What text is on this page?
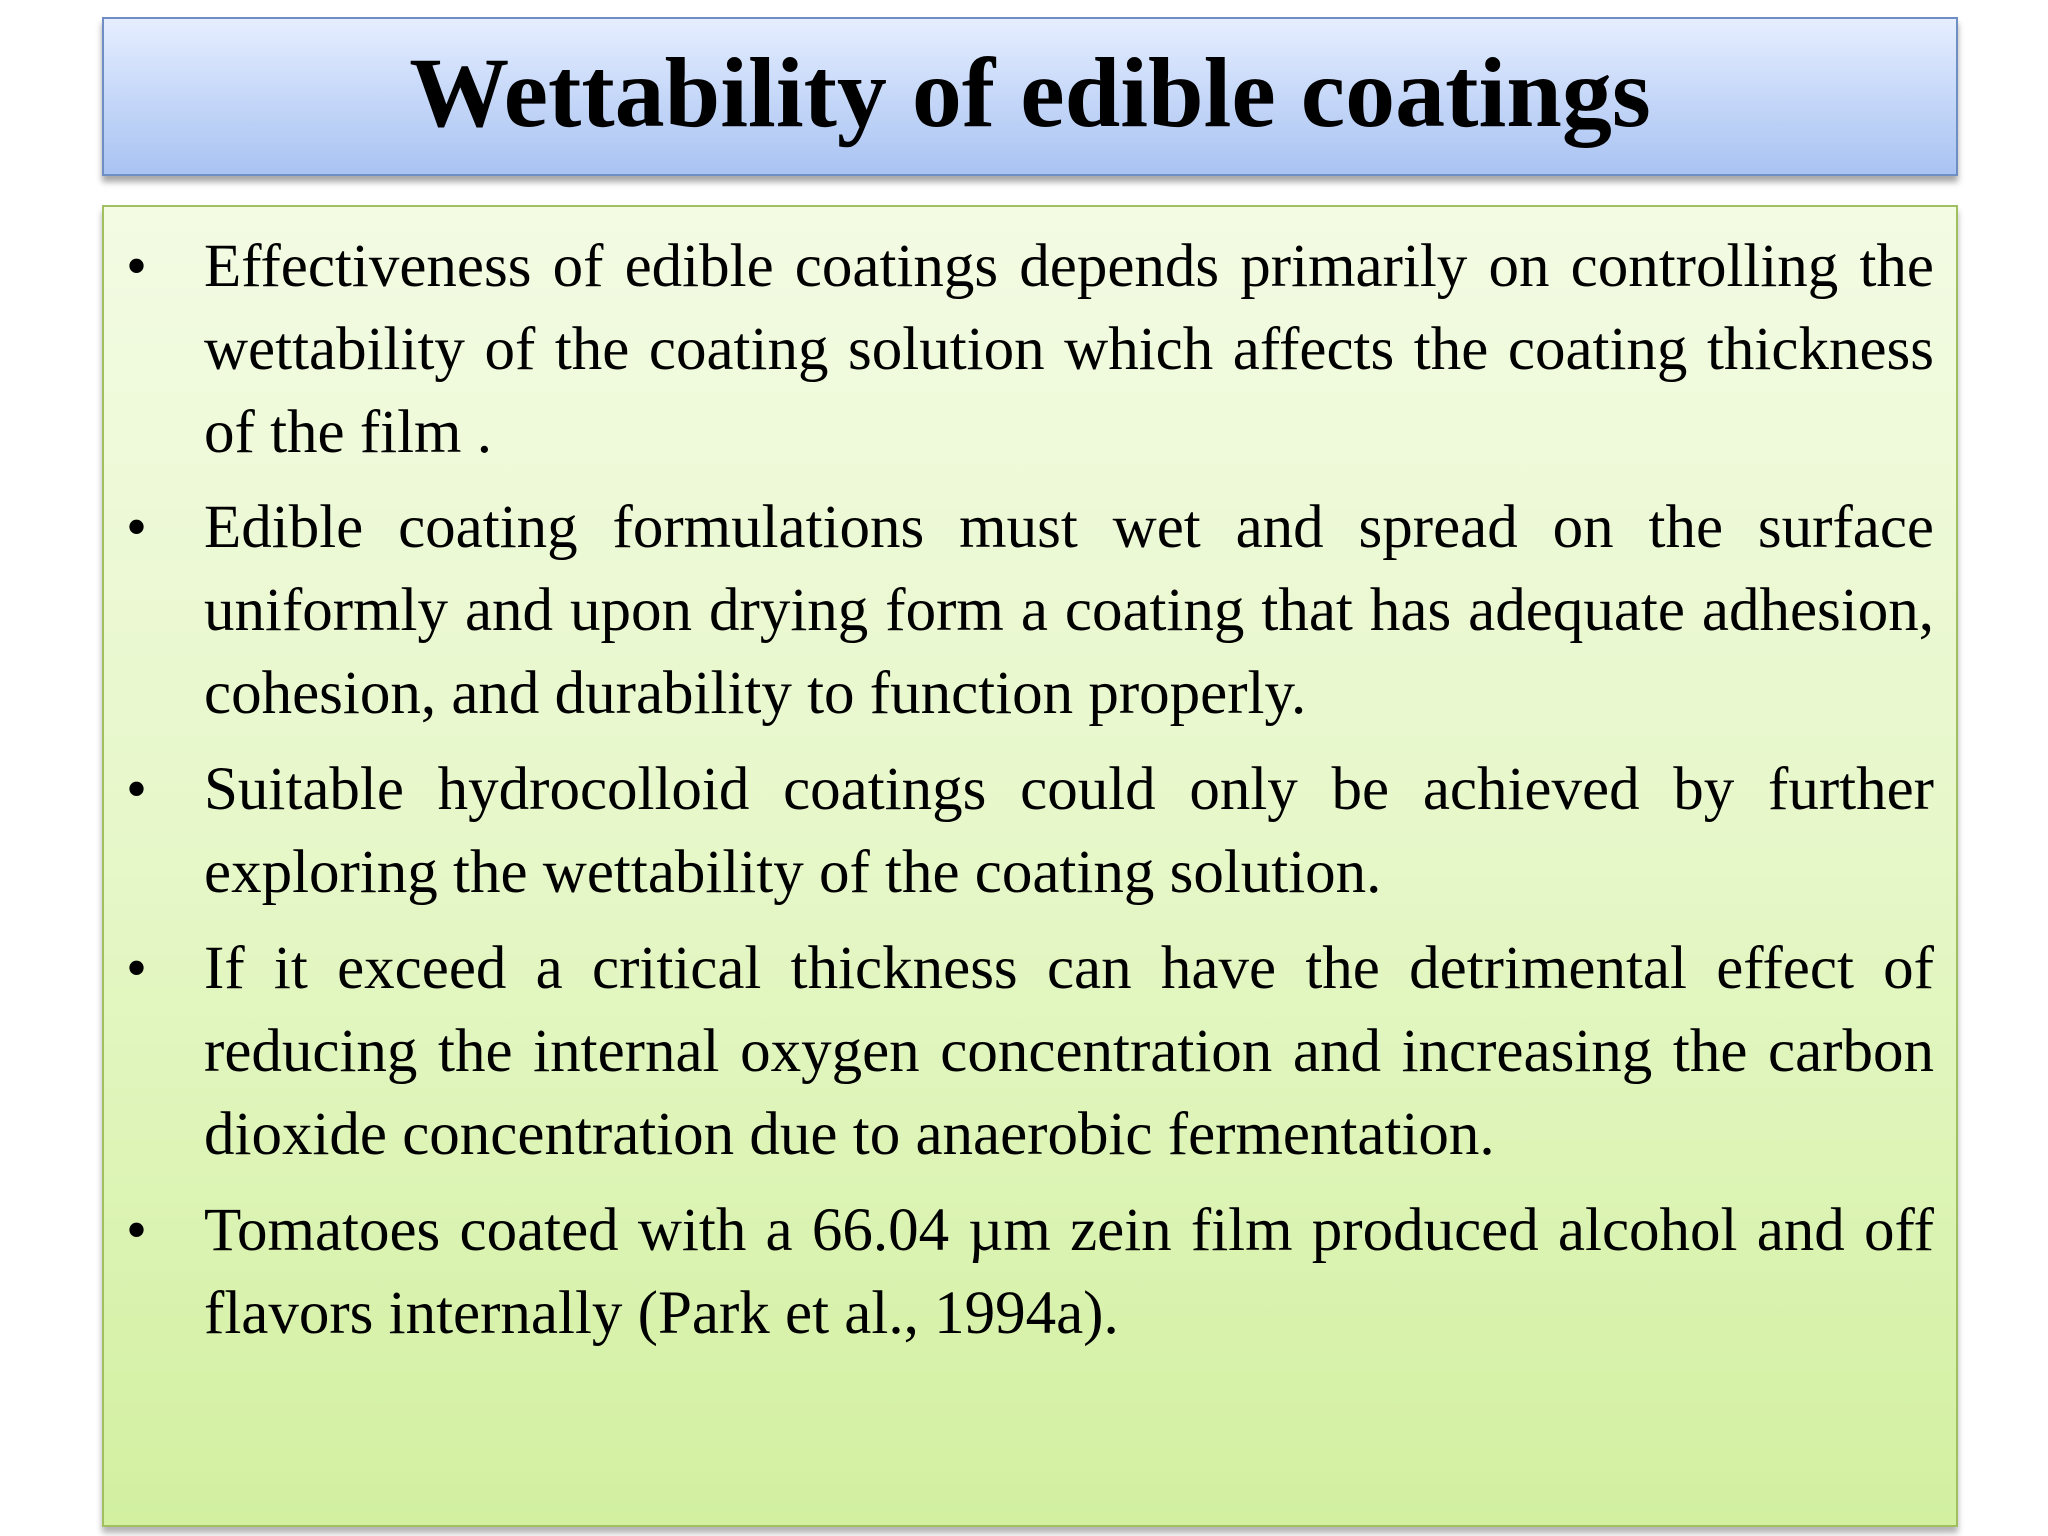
Wettability of edible coatings
• Effectiveness of edible coatings depends primarily on controlling the wettability of the coating solution which affects the coating thickness of the film .
• Edible coating formulations must wet and spread on the surface uniformly and upon drying form a coating that has adequate adhesion, cohesion, and durability to function properly.
• Suitable hydrocolloid coatings could only be achieved by further exploring the wettability of the coating solution.
• If it exceed a critical thickness can have the detrimental effect of reducing the internal oxygen concentration and increasing the carbon dioxide concentration due to anaerobic fermentation.
• Tomatoes coated with a 66.04 µm zein film produced alcohol and off flavors internally (Park et al., 1994a).
